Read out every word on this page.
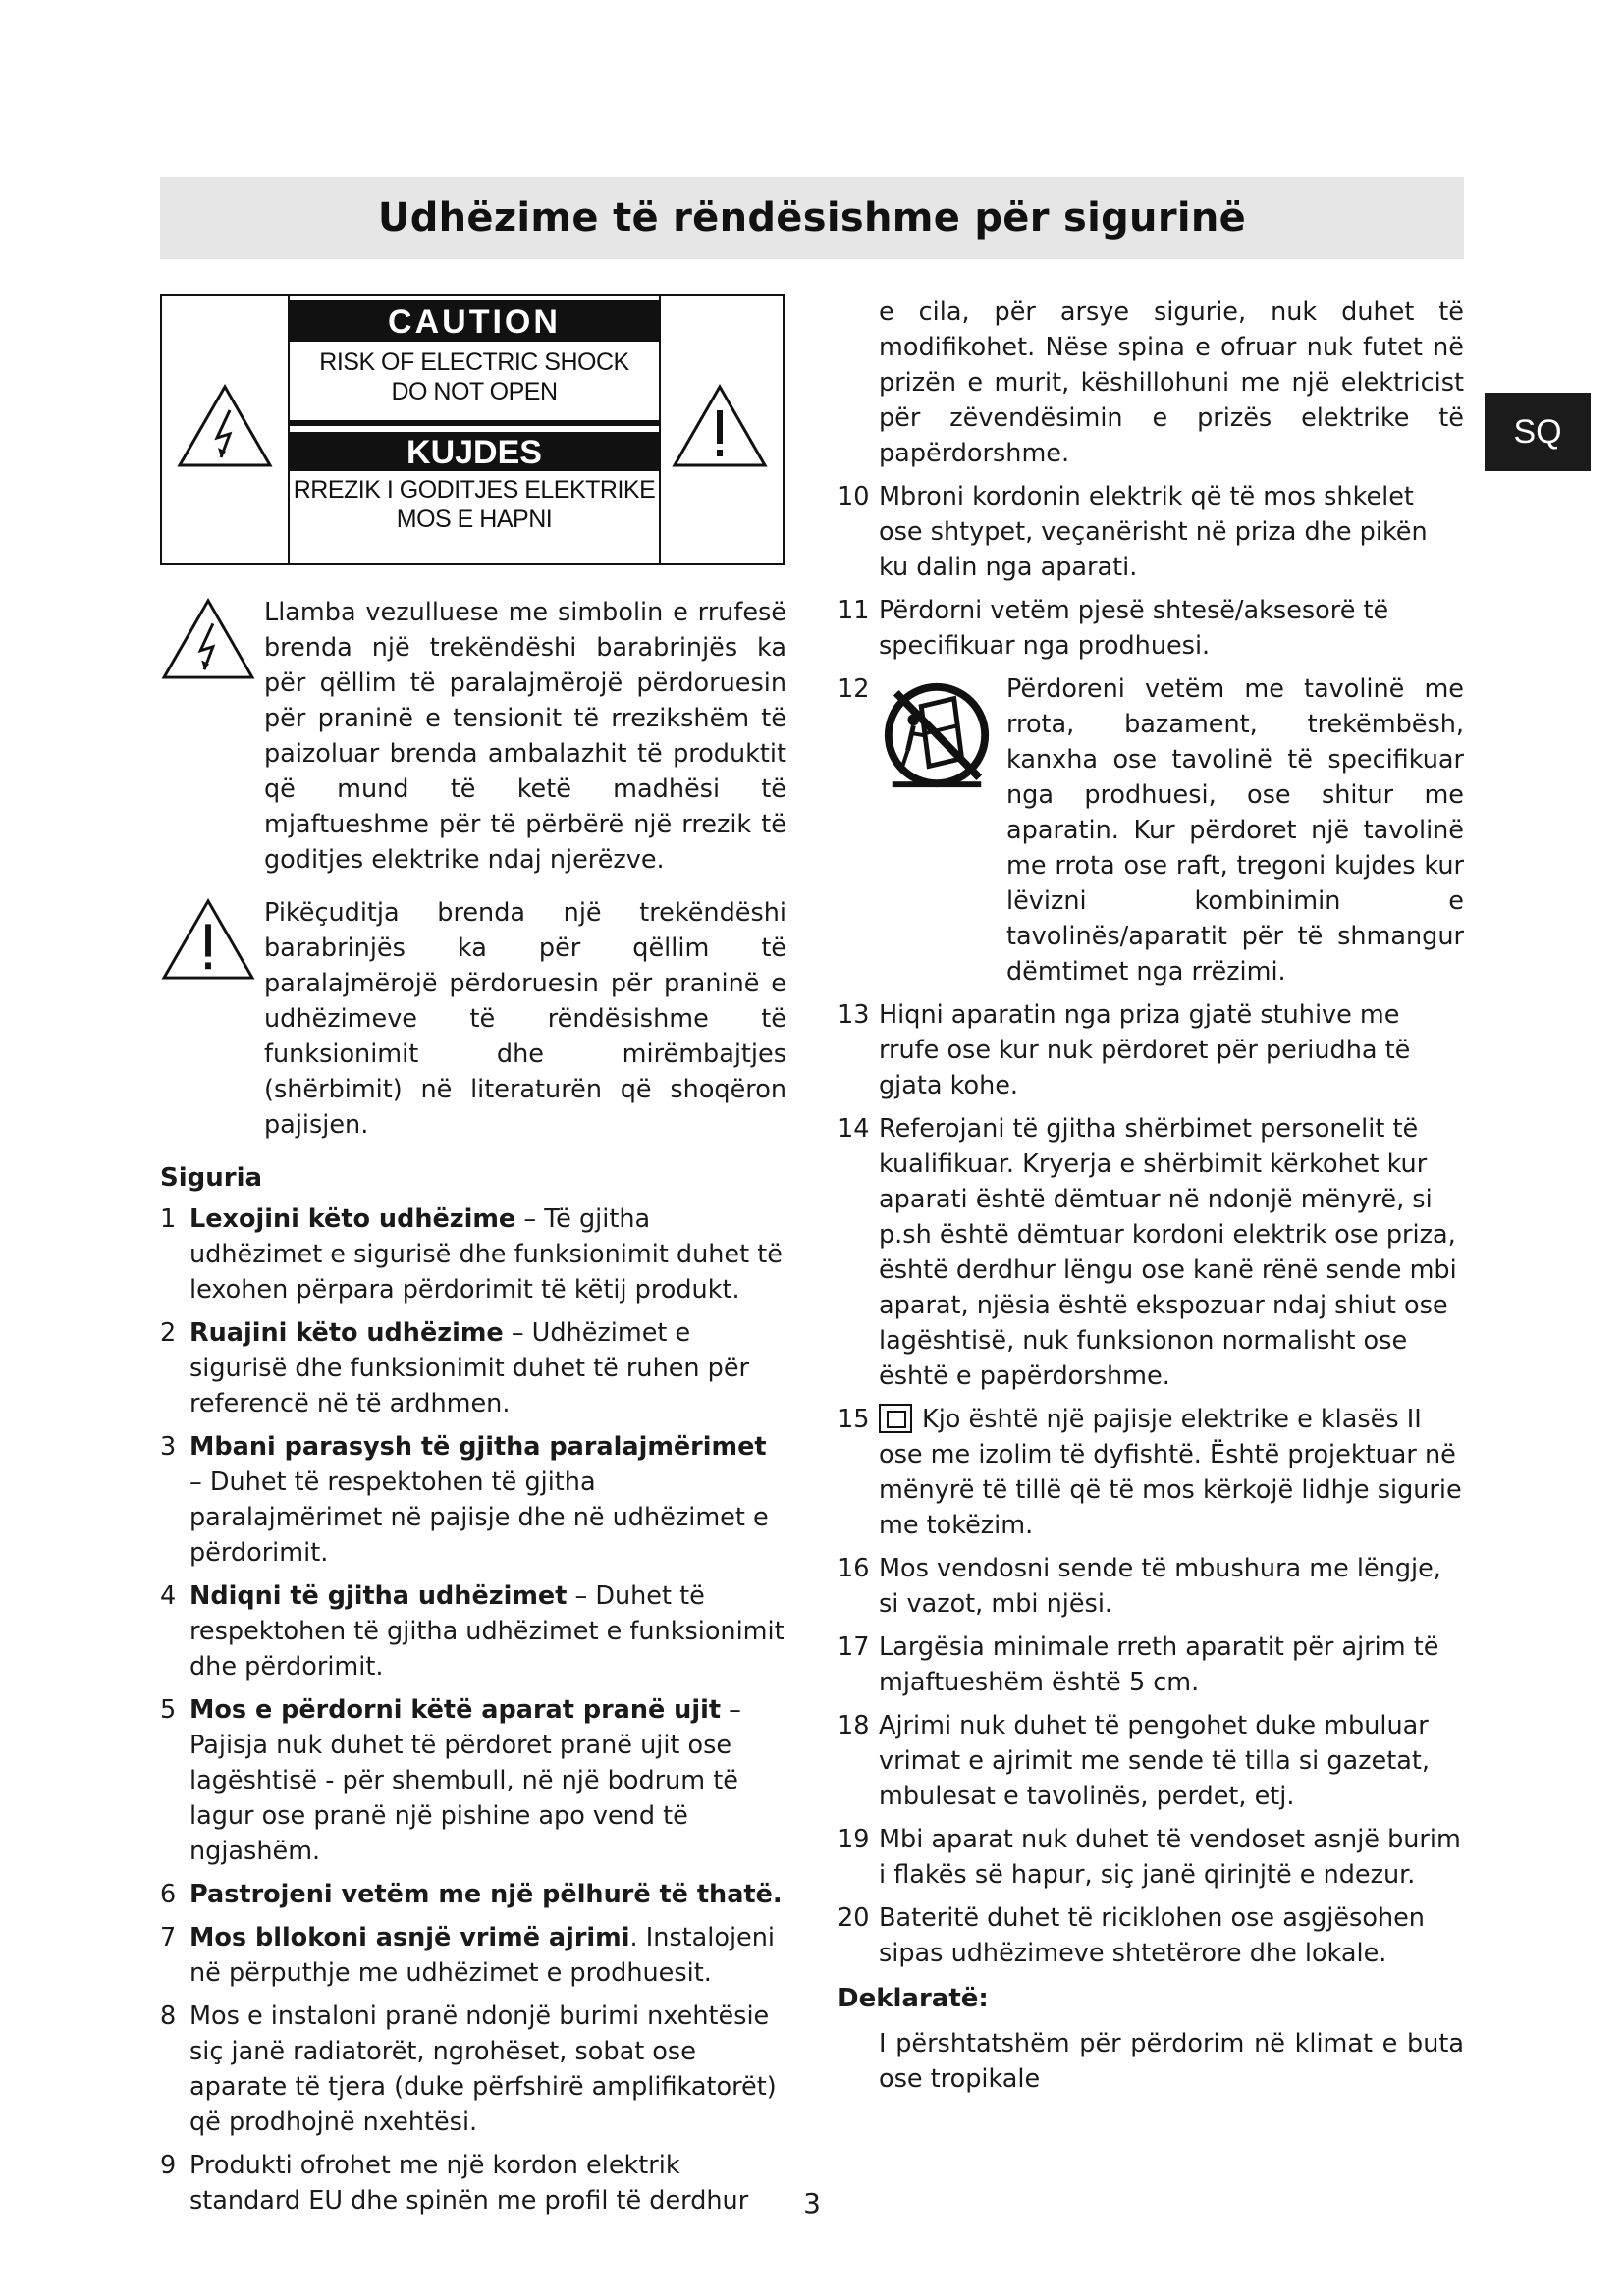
Udhëzime të rëndësishme për sigurinë
SQ
CAUTION
RISK OF ELECTRIC SHOCK
DO NOT OPEN
KUJDES
RREZIK I GODITJES ELEKTRIKE
MOS E HAPNI
Llamba vezulluese me simbolin e rrufesë brenda një trekëndëshi barabrinjës ka për qëllim të paralajmërojë përdoruesin për praninë e tensionit të rrezikshëm të paizoluar brenda ambalazhit të produktit që mund të ketë madhësi të mjaftueshme për të përbërë një rrezik të goditjes elektrike ndaj njerëzve.
Pikëçuditja brenda një trekëndëshi barabrinjës ka për qëllim të paralajmërojë përdoruesin për praninë e udhëzimeve të rëndësishme të funksionimit dhe mirëmbajtjes (shërbimit) në literaturën që shoqëron pajisjen.
Siguria
1 Lexojini këto udhëzime – Të gjitha udhëzimet e sigurisë dhe funksionimit duhet të lexohen përpara përdorimit të këtij produkt.
2 Ruajini këto udhëzime – Udhëzimet e sigurisë dhe funksionimit duhet të ruhen për referencë në të ardhmen.
3 Mbani parasysh të gjitha paralajmërimet – Duhet të respektohen të gjitha paralajmërimet në pajisje dhe në udhëzimet e përdorimit.
4 Ndiqni të gjitha udhëzimet – Duhet të respektohen të gjitha udhëzimet e funksionimit dhe përdorimit.
5 Mos e përdorni këtë aparat pranë ujit – Pajisja nuk duhet të përdoret pranë ujit ose lagështisë - për shembull, në një bodrum të lagur ose pranë një pishine apo vend të ngjashëm.
6 Pastrojeni vetëm me një pëlhurë të thatë.
7 Mos bllokoni asnjë vrimë ajrimi. Instalojeni në përputhje me udhëzimet e prodhuesit.
8 Mos e instaloni pranë ndonjë burimi nxehtësie siç janë radiatorët, ngrohëset, sobat ose aparate të tjera (duke përfshirë amplifikatorët) që prodhojnë nxehtësi.
9 Produkti ofrohet me një kordon elektrik standard EU dhe spinën me profil të derdhur

e cila, për arsye sigurie, nuk duhet të modifikohet. Nëse spina e ofruar nuk futet në prizën e murit, këshillohuni me një elektricist për zëvendësimin e prizës elektrike të papërdorshme.

10 Mbroni kordonin elektrik që të mos shkelet ose shtypet, veçanërisht në priza dhe pikën ku dalin nga aparati.
11 Përdorni vetëm pjesë shtesë/aksesorë të specifikuar nga prodhuesi.
12	Përdoreni vetëm me tavolinë me rrota, bazament, trekëmbësh, kanxha ose tavolinë të specifikuar nga prodhuesi, ose shitur me aparatin. Kur përdoret një tavolinë me rrota ose raft, tregoni kujdes kur lëvizni kombinimin e tavolinës/aparatit për të shmangur dëmtimet nga rrëzimi.
13 Hiqni aparatin nga priza gjatë stuhive me rrufe ose kur nuk përdoret për periudha të gjata kohe.
14 Referojani të gjitha shërbimet personelit të kualifikuar. Kryerja e shërbimit kërkohet kur aparati është dëmtuar në ndonjë mënyrë, si p.sh është dëmtuar kordoni elektrik ose priza, është derdhur lëngu ose kanë rënë sende mbi aparat, njësia është ekspozuar ndaj shiut ose lagështisë, nuk funksionon normalisht ose është e papërdorshme.
15	Kjo është një pajisje elektrike e klasës II ose me izolim të dyfishtë. Është projektuar në mënyrë të tillë që të mos kërkojë lidhje sigurie me tokëzim.
16 Mos vendosni sende të mbushura me lëngje, si vazot, mbi njësi.
17 Largësia minimale rreth aparatit për ajrim të mjaftueshëm është 5 cm.
18 Ajrimi nuk duhet të pengohet duke mbuluar vrimat e ajrimit me sende të tilla si gazetat, mbulesat e tavolinës, perdet, etj.
19 Mbi aparat nuk duhet të vendoset asnjë burim i flakës së hapur, siç janë qirinjtë e ndezur.
20 Bateritë duhet të riciklohen ose asgjësohen sipas udhëzimeve shtetërore dhe lokale.
Deklaratë:

I përshtatshëm për përdorim në klimat e buta ose tropikale

3
